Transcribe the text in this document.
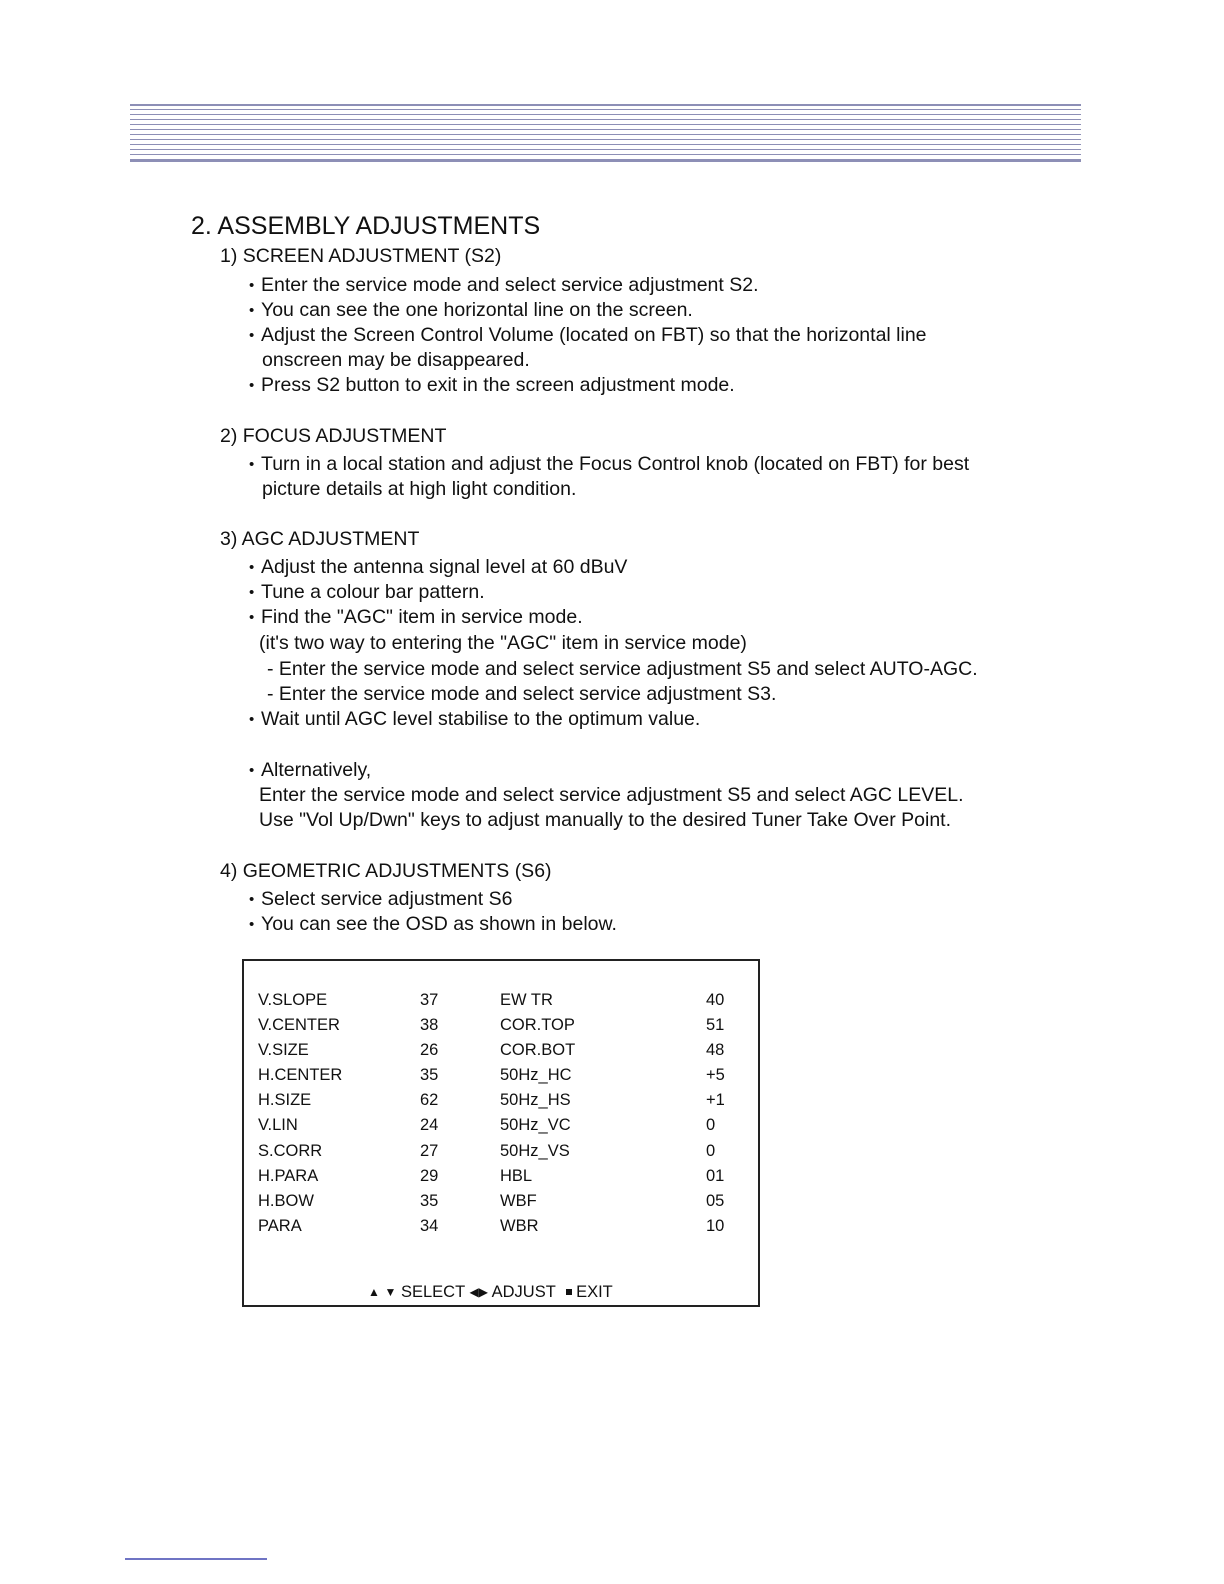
2. ASSEMBLY ADJUSTMENTS
1) SCREEN ADJUSTMENT (S2)
• Enter the service mode and select service adjustment S2.
• You can see the one horizontal line on the screen.
• Adjust the Screen Control Volume (located on FBT) so that the horizontal line
onscreen may be disappeared.
• Press S2 button to exit in the screen adjustment mode.
2) FOCUS ADJUSTMENT
• Turn in a local station and adjust the Focus Control knob (located on FBT) for best
picture details at high light condition.
3) AGC ADJUSTMENT
• Adjust the antenna signal level at 60 dBuV
• Tune a colour bar pattern.
• Find the "AGC" item in service mode.
(it's two way to entering the "AGC" item in service mode)
- Enter the service mode and select service adjustment S5 and select AUTO-AGC.
- Enter the service mode and select service adjustment S3.
• Wait until AGC level stabilise to the optimum value.
• Alternatively,
Enter the service mode and select service adjustment S5 and select AGC LEVEL.
Use "Vol Up/Dwn" keys to adjust manually to the desired Tuner Take Over Point.
4) GEOMETRIC ADJUSTMENTS (S6)
• Select service adjustment S6
• You can see the OSD as shown in below.
V.SLOPE	37	EW TR	40
V.CENTER	38	COR.TOP	51
V.SIZE	26	COR.BOT	48
H.CENTER	35	50Hz_HC	+5
H.SIZE	62	50Hz_HS	+1
V.LIN	24	50Hz_VC	0
S.CORR	27	50Hz_VS	0
H.PARA	29	HBL	01
H.BOW	35	WBF	05
PARA	34	WBR	10
▲ ▼ SELECT ◀▶ ADJUST EXIT
